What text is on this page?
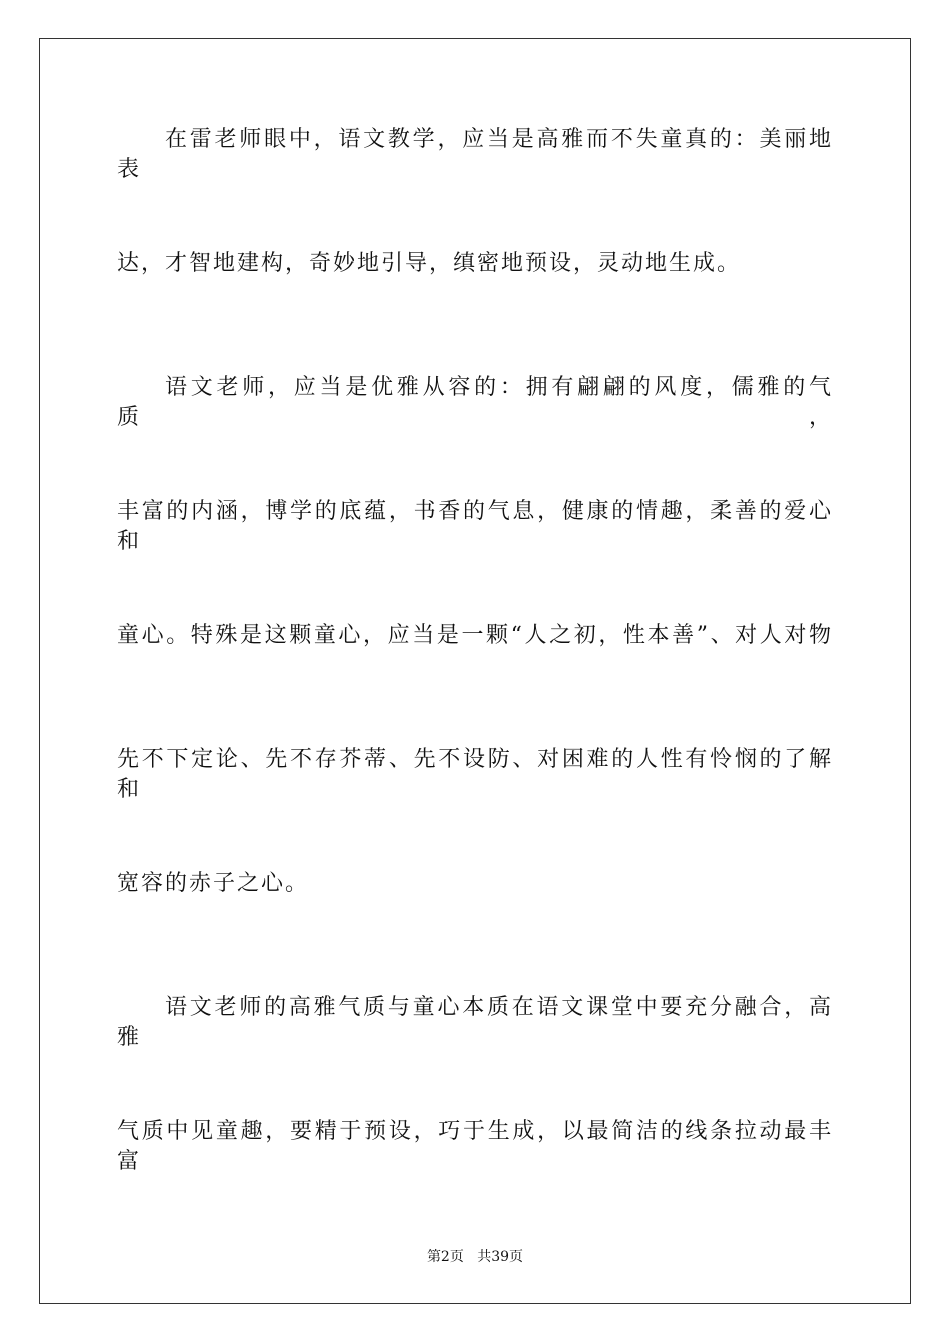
在雷老师眼中，语文教学，应当是高雅而不失童真的：美丽地表
达，才智地建构，奇妙地引导，缜密地预设，灵动地生成。
语文老师，应当是优雅从容的：拥有翩翩的风度，儒雅的气质，
丰富的内涵，博学的底蕴，书香的气息，健康的情趣，柔善的爱心和
童心。特殊是这颗童心，应当是一颗“人之初，性本善”、对人对物
先不下定论、先不存芥蒂、先不设防、对困难的人性有怜悯的了解和
宽容的赤子之心。
语文老师的高雅气质与童心本质在语文课堂中要充分融合，高雅
气质中见童趣，要精于预设，巧于生成，以最简洁的线条拉动最丰富
第2页 共39页
